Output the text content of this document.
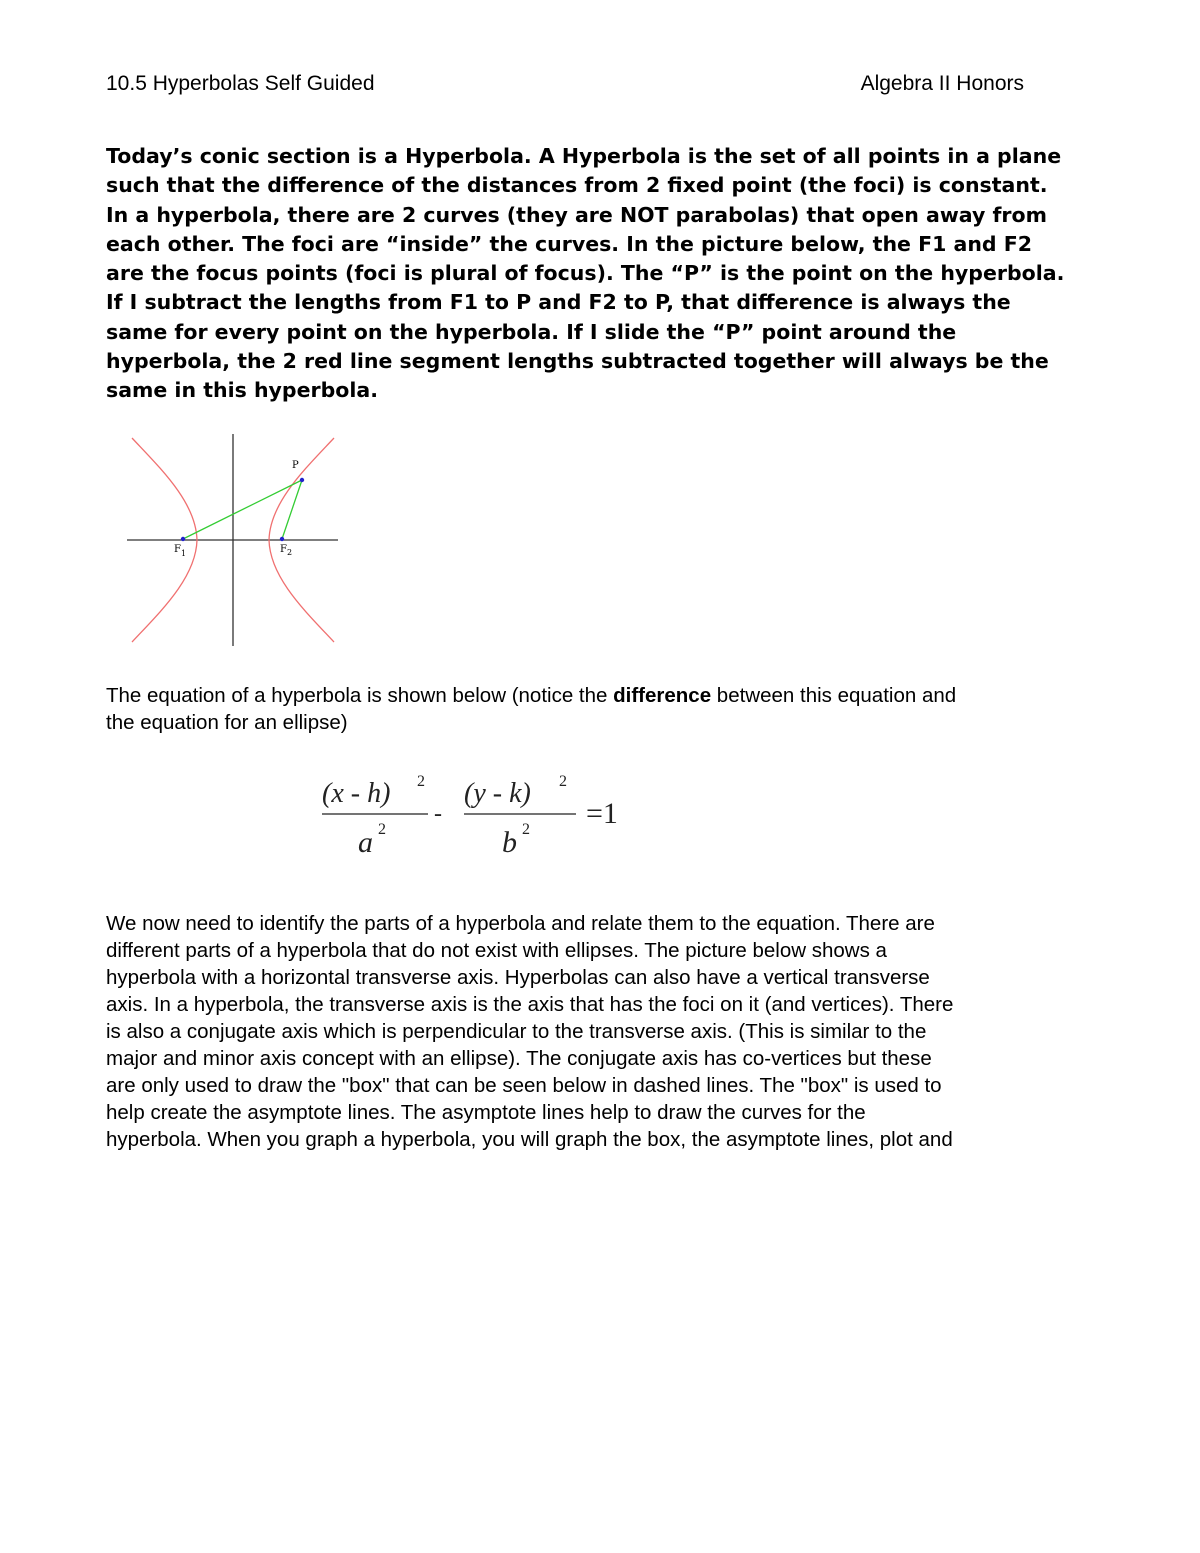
10.5 Hyperbolas Self Guided	Algebra II Honors

Today’s conic section is a Hyperbola. A Hyperbola is the set of all points in a plane

such that the difference of the distances from 2 fixed point (the foci) is constant.

In a hyperbola, there are 2 curves (they are NOT parabolas) that open away from

each other. The foci are “inside” the curves. In the picture below, the F1 and F2

are the focus points (foci is plural of focus). The “P” is the point on the hyperbola.

If I subtract the lengths from F1 to P and F2 to P, that difference is always the

same for every point on the hyperbola. If I slide the “P” point around the

hyperbola, the 2 red line segment lengths subtracted together will always be the

same in this hyperbola.

P
$F_1$	$F_2$

The equation of a hyperbola is shown below (notice the difference between this equation and

the equation for an ellipse)

(x - h) 2
a 2
-
(y - k) 2
b 2 =1

We now need to identify the parts of a hyperbola and relate them to the equation. There are

different parts of a hyperbola that do not exist with ellipses. The picture below shows a

hyperbola with a horizontal transverse axis. Hyperbolas can also have a vertical transverse

axis. In a hyperbola, the transverse axis is the axis that has the foci on it (and vertices). There

is also a conjugate axis which is perpendicular to the transverse axis. (This is similar to the

major and minor axis concept with an ellipse). The conjugate axis has co-vertices but these

are only used to draw the "box" that can be seen below in dashed lines. The "box" is used to

help create the asymptote lines. The asymptote lines help to draw the curves for the

hyperbola. When you graph a hyperbola, you will graph the box, the asymptote lines, plot and
